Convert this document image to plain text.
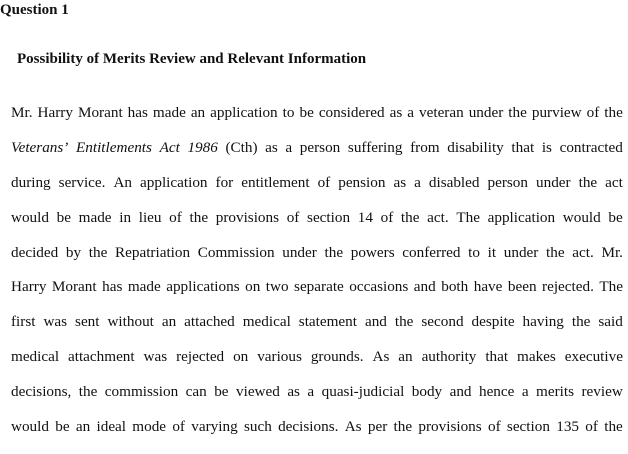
Question 1
Possibility of Merits Review and Relevant Information
Mr. Harry Morant has made an application to be considered as a veteran under the purview of the
Veterans’ Entitlements Act 1986 (Cth) as a person suffering from disability that is contracted
during service. An application for entitlement of pension as a disabled person under the act
would be made in lieu of the provisions of section 14 of the act. The application would be
decided by the Repatriation Commission under the powers conferred to it under the act. Mr.
Harry Morant has made applications on two separate occasions and both have been rejected. The
first was sent without an attached medical statement and the second despite having the said
medical attachment was rejected on various grounds. As an authority that makes executive
decisions, the commission can be viewed as a quasi-judicial body and hence a merits review
would be an ideal mode of varying such decisions. As per the provisions of section 135 of the
